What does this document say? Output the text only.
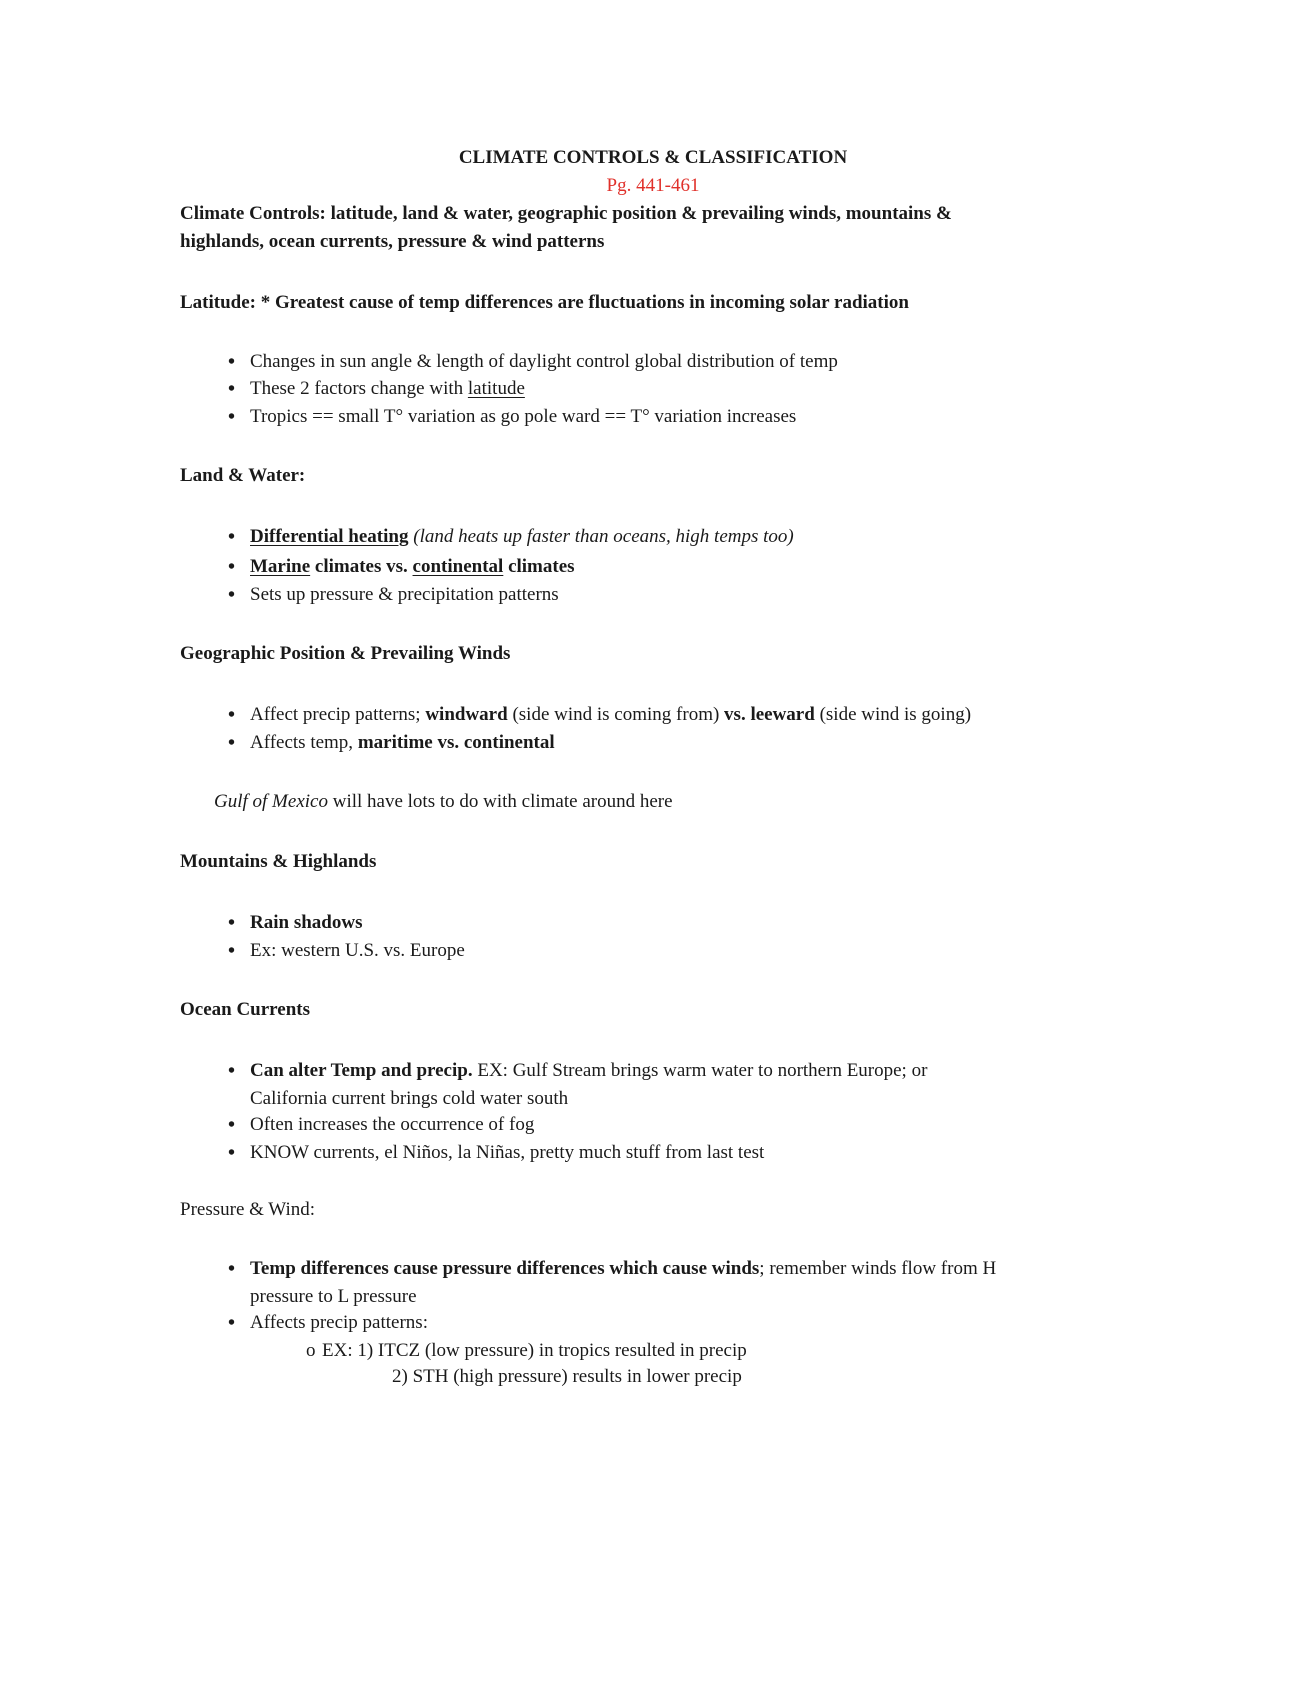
CLIMATE CONTROLS & CLASSIFICATION
Pg. 441-461
Climate Controls: latitude, land & water, geographic position & prevailing winds, mountains &
highlands, ocean currents, pressure & wind patterns
Latitude: * Greatest cause of temp differences are fluctuations in incoming solar radiation
• Changes in sun angle & length of daylight control global distribution of temp
• These 2 factors change with latitude
• Tropics == small T° variation as go pole ward == T° variation increases
Land & Water:
• Differential heating (land heats up faster than oceans, high temps too)
• Marine climates vs. continental climates
• Sets up pressure & precipitation patterns
Geographic Position & Prevailing Winds
• Affect precip patterns; windward (side wind is coming from) vs. leeward (side wind is going)
• Affects temp, maritime vs. continental
Gulf of Mexico will have lots to do with climate around here
Mountains & Highlands
• Rain shadows
• Ex: western U.S. vs. Europe
Ocean Currents
• Can alter Temp and precip. EX: Gulf Stream brings warm water to northern Europe; or
California current brings cold water south
• Often increases the occurrence of fog
• KNOW currents, el Niños, la Niñas, pretty much stuff from last test
Pressure & Wind:
• Temp differences cause pressure differences which cause winds; remember winds flow from H
pressure to L pressure
• Affects precip patterns:
o EX: 1) ITCZ (low pressure) in tropics resulted in precip
2) STH (high pressure) results in lower precip
